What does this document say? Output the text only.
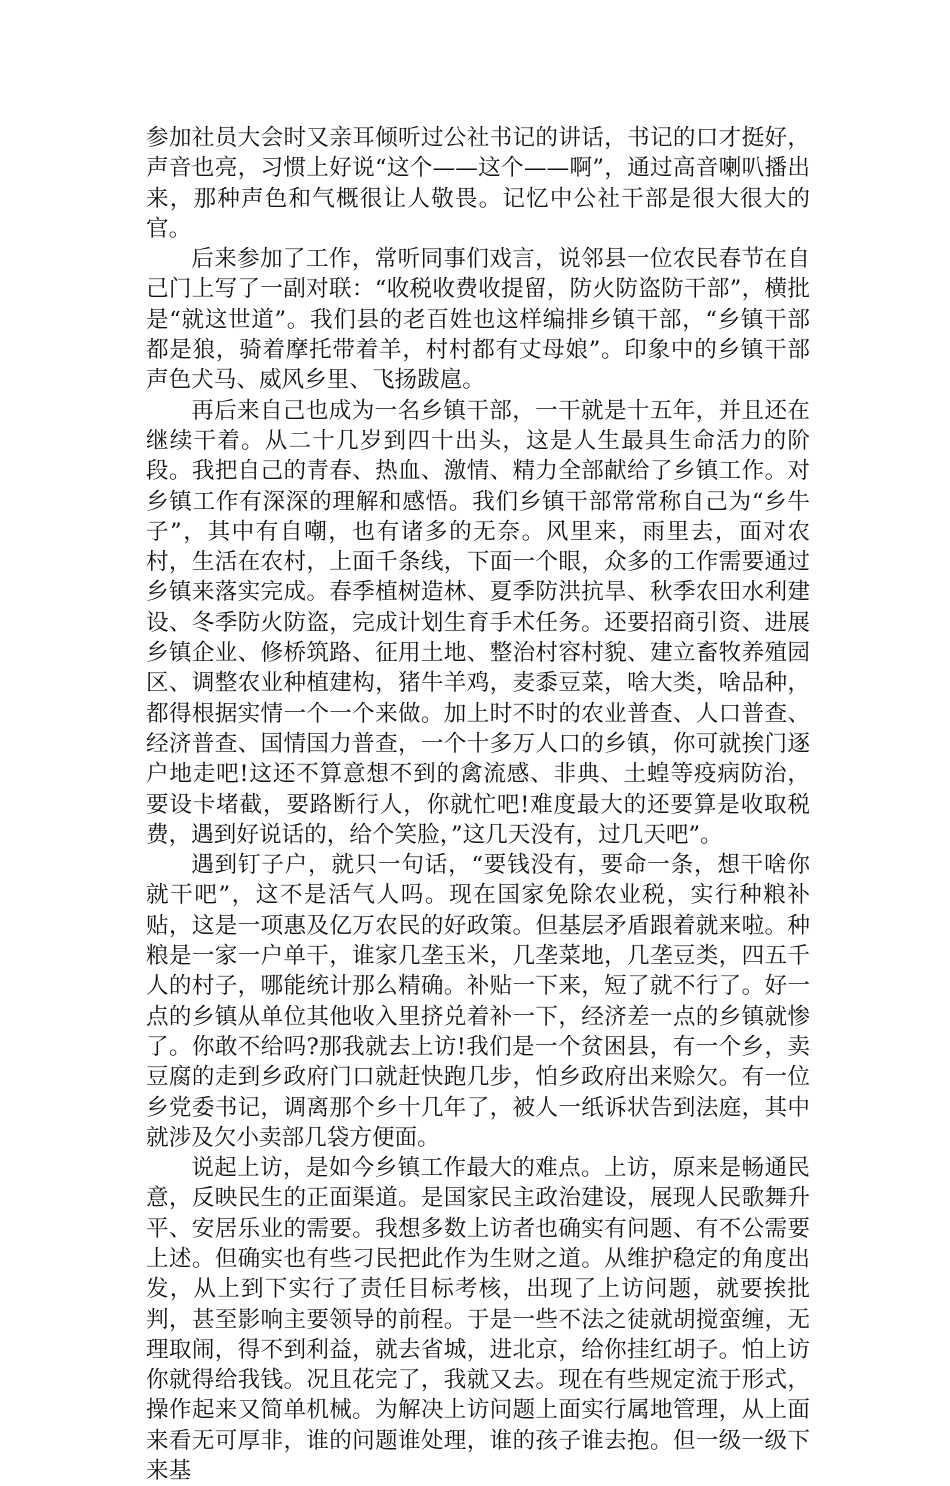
参加社员大会时又亲耳倾听过公社书记的讲话，书记的口才挺好，声音也亮，习惯上好说“这个——这个——啊”，通过高音喇叭播出来，那种声色和气概很让人敬畏。记忆中公社干部是很大很大的官。

后来参加了工作，常听同事们戏言，说邻县一位农民春节在自己门上写了一副对联：“收税收费收提留，防火防盗防干部”，横批是“就这世道”。我们县的老百姓也这样编排乡镇干部，“乡镇干部都是狼，骑着摩托带着羊，村村都有丈母娘”。印象中的乡镇干部声色犬马、威风乡里、飞扬跋扈。

再后来自己也成为一名乡镇干部，一干就是十五年，并且还在继续干着。从二十几岁到四十出头，这是人生最具生命活力的阶段。我把自己的青春、热血、激情、精力全部献给了乡镇工作。对乡镇工作有深深的理解和感悟。我们乡镇干部常常称自己为“乡牛子”，其中有自嘲，也有诸多的无奈。风里来，雨里去，面对农村，生活在农村，上面千条线，下面一个眼，众多的工作需要通过乡镇来落实完成。春季植树造林、夏季防洪抗旱、秋季农田水利建设、冬季防火防盗，完成计划生育手术任务。还要招商引资、进展乡镇企业、修桥筑路、征用土地、整治村容村貌、建立畜牧养殖园区、调整农业种植建构，猪牛羊鸡，麦黍豆菜，啥大类，啥品种，都得根据实情一个一个来做。加上时不时的农业普查、人口普查、经济普查、国情国力普查，一个十多万人口的乡镇，你可就挨门逐户地走吧!这还不算意想不到的禽流感、非典、土蝗等疫病防治，要设卡堵截，要路断行人，你就忙吧!难度最大的还要算是收取税费，遇到好说话的，给个笑脸，”这几天没有，过几天吧”。

遇到钉子户，就只一句话，“要钱没有，要命一条，想干啥你就干吧”，这不是活气人吗。现在国家免除农业税，实行种粮补贴，这是一项惠及亿万农民的好政策。但基层矛盾跟着就来啦。种粮是一家一户单干，谁家几垄玉米，几垄菜地，几垄豆类，四五千人的村子，哪能统计那么精确。补贴一下来，短了就不行了。好一点的乡镇从单位其他收入里挤兑着补一下，经济差一点的乡镇就惨了。你敢不给吗?那我就去上访!我们是一个贫困县，有一个乡，卖豆腐的走到乡政府门口就赶快跑几步，怕乡政府出来赊欠。有一位乡党委书记，调离那个乡十几年了，被人一纸诉状告到法庭，其中就涉及欠小卖部几袋方便面。

说起上访，是如今乡镇工作最大的难点。上访，原来是畅通民意，反映民生的正面渠道。是国家民主政治建设，展现人民歌舞升平、安居乐业的需要。我想多数上访者也确实有问题、有不公需要上述。但确实也有些刁民把此作为生财之道。从维护稳定的角度出发，从上到下实行了责任目标考核，出现了上访问题，就要挨批判，甚至影响主要领导的前程。于是一些不法之徒就胡搅蛮缠，无理取闹，得不到利益，就去省城，进北京，给你挂红胡子。怕上访你就得给我钱。况且花完了，我就又去。现在有些规定流于形式，操作起来又简单机械。为解决上访问题上面实行属地管理，从上面来看无可厚非，谁的问题谁处理，谁的孩子谁去抱。但一级一级下来基
